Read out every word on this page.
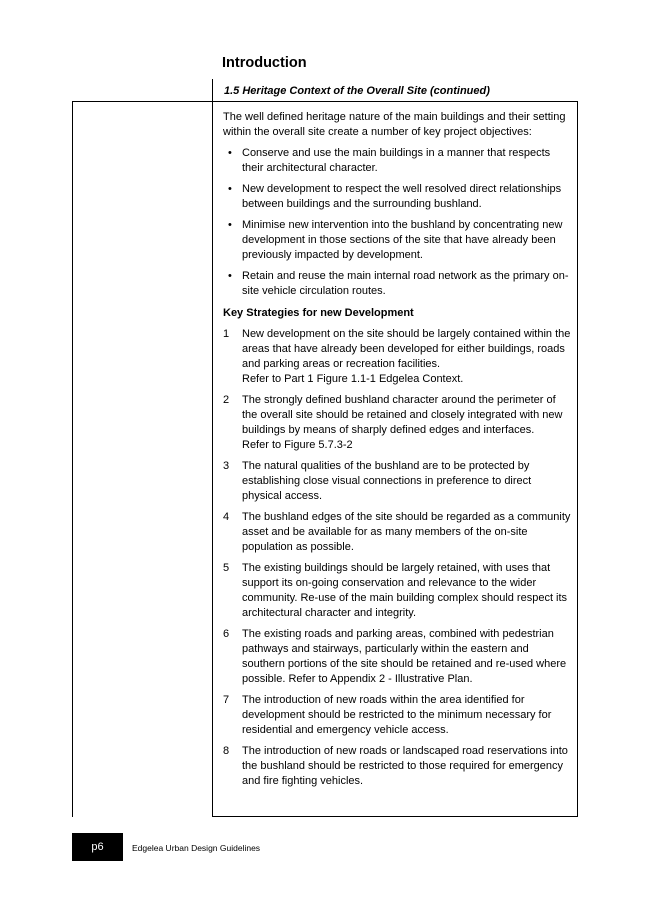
Introduction
1.5 Heritage Context of the Overall Site (continued)

The well defined heritage nature of the main buildings and their setting within the overall site create a number of key project objectives:

• Conserve and use the main buildings in a manner that respects their architectural character.
• New development to respect the well resolved direct relationships between buildings and the surrounding bushland.
• Minimise new intervention into the bushland by concentrating new development in those sections of the site that have already been previously impacted by development.
• Retain and reuse the main internal road network as the primary on-site vehicle circulation routes.
Key Strategies for new Development
1 New development on the site should be largely contained within the areas that have already been developed for either buildings, roads and parking areas or recreation facilities.
Refer to Part 1 Figure 1.1-1 Edgelea Context.
2 The strongly defined bushland character around the perimeter of the overall site should be retained and closely integrated with new buildings by means of sharply defined edges and interfaces.
Refer to Figure 5.7.3-2
3 The natural qualities of the bushland are to be protected by establishing close visual connections in preference to direct physical access.
4 The bushland edges of the site should be regarded as a community asset and be available for as many members of the on-site population as possible.
5 The existing buildings should be largely retained, with uses that support its on-going conservation and relevance to the wider community. Re-use of the main building complex should respect its architectural character and integrity.
6 The existing roads and parking areas, combined with pedestrian pathways and stairways, particularly within the eastern and southern portions of the site should be retained and re-used where possible. Refer to Appendix 2 - Illustrative Plan.
7 The introduction of new roads within the area identified for development should be restricted to the minimum necessary for residential and emergency vehicle access.
8 The introduction of new roads or landscaped road reservations into the bushland should be restricted to those required for emergency and fire fighting vehicles.
p6	Edgelea Urban Design Guidelines
